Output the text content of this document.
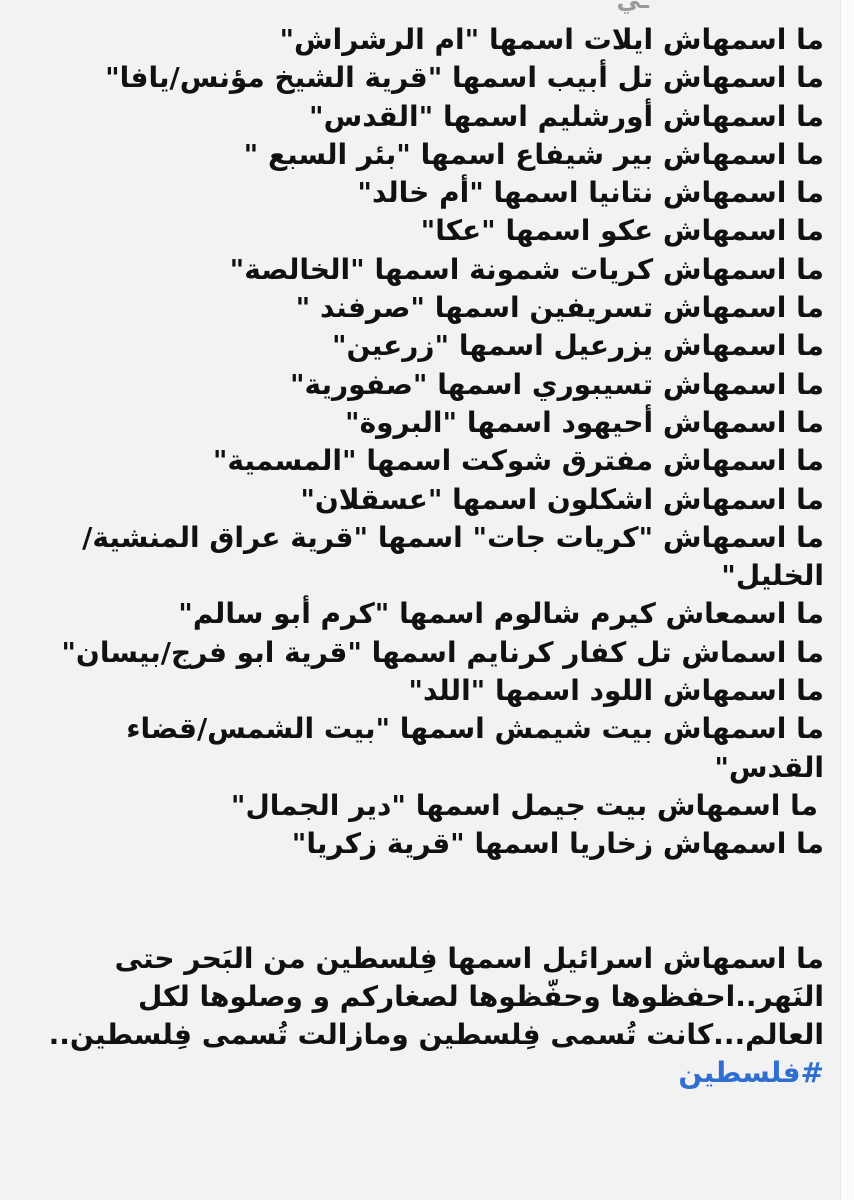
ـي
ما اسمهاش ايلات اسمها "ام الرشراش"
ما اسمهاش تل أبيب اسمها "قرية الشيخ مؤنس/يافا"
ما اسمهاش أورشليم اسمها "القدس"
ما اسمهاش بير شيفاع اسمها "بئر السبع "
ما اسمهاش نتانيا اسمها "أم خالد"
ما اسمهاش عكو اسمها "عكا"
ما اسمهاش كريات شمونة اسمها "الخالصة"
ما اسمهاش تسريفين اسمها "صرفند "
ما اسمهاش يزرعيل اسمها "زرعين"
ما اسمهاش تسيبوري اسمها "صفورية"
ما اسمهاش أحيهود اسمها "البروة"
ما اسمهاش مفترق شوكت اسمها "المسمية"
ما اسمهاش اشكلون اسمها "عسقلان"
ما اسمهاش "كريات جات" اسمها "قرية عراق المنشية/
الخليل"
ما اسمعاش كيرم شالوم اسمها "كرم أبو سالم"
ما اسماش تل كفار كرنايم اسمها "قرية ابو فرج/بيسان"
ما اسمهاش اللود اسمها "اللد"
ما اسمهاش بيت شيمش اسمها "بيت الشمس/قضاء
القدس"
ما اسمهاش بيت جيمل اسمها "دير الجمال"
ما اسمهاش زخاريا اسمها "قرية زكريا"
ما اسمهاش اسرائيل اسمها فِلسطين من البَحر حتى
النَهر..احفظوها وحفّظوها لصغاركم و وصلوها لكل
العالم...كانت تُسمى فِلسطين ومازالت تُسمى فِلسطين..
#فلسطين
